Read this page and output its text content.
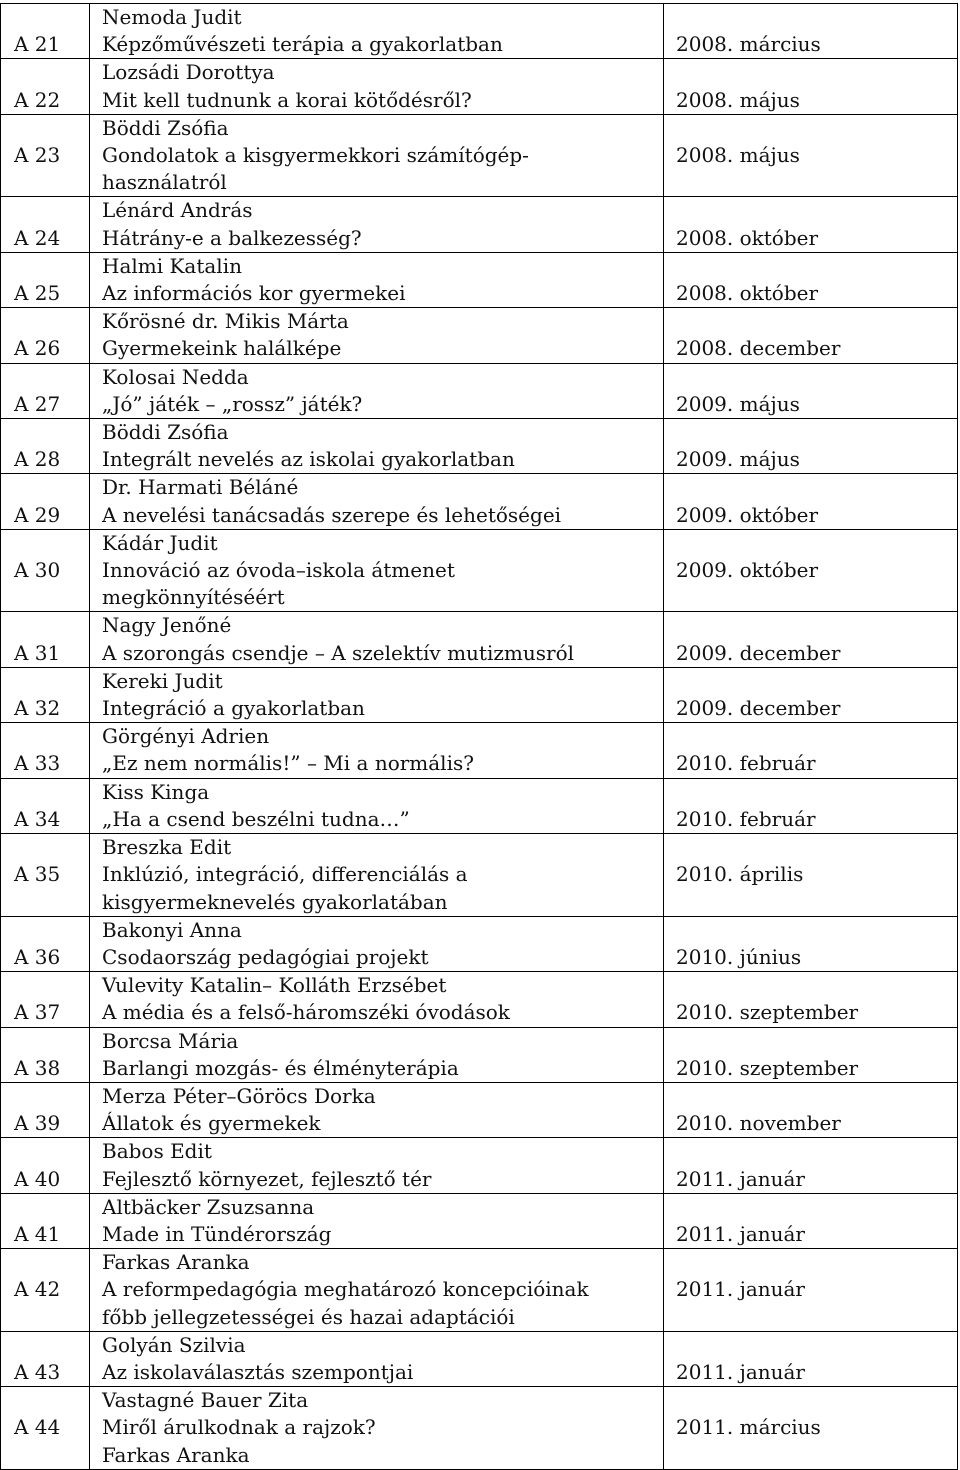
A 21	Nemoda Judit
Képzőművészeti terápia a gyakorlatban	2008. március

A 22	Lozsádi Dorottya
Mit kell tudnunk a korai kötődésről?	2008. május

A 23	Böddi Zsófia
Gondolatok a kisgyermekkori számítógép-
használatról	2008. május

A 24	Lénárd András
Hátrány-e a balkezesség?	2008. október

A 25	Halmi Katalin
Az információs kor gyermekei	2008. október

A 26	Kőrösné dr. Mikis Márta
Gyermekeink halálképe	2008. december

A 27	Kolosai Nedda
„Jó” játék – „rossz” játék?	2009. május

A 28	Böddi Zsófia
Integrált nevelés az iskolai gyakorlatban	2009. május

A 29	Dr. Harmati Béláné
A nevelési tanácsadás szerepe és lehetőségei	2009. október

A 30	Kádár Judit
Innováció az óvoda–iskola átmenet
megkönnyítéséért	2009. október

A 31	Nagy Jenőné
A szorongás csendje – A szelektív mutizmusról	2009. december

A 32	Kereki Judit
Integráció a gyakorlatban	2009. december

A 33	Görgényi Adrien
„Ez nem normális!” – Mi a normális?	2010. február

A 34	Kiss Kinga
„Ha a csend beszélni tudna…”	2010. február

A 35	Breszka Edit
Inklúzió, integráció, differenciálás a
kisgyermeknevelés gyakorlatában	2010. április

A 36	Bakonyi Anna
Csodaország pedagógiai projekt	2010. június

A 37	Vulevity Katalin– Kolláth Erzsébet
A média és a felső-háromszéki óvodások	2010. szeptember

A 38	Borcsa Mária
Barlangi mozgás- és élményterápia	2010. szeptember

A 39	Merza Péter–Göröcs Dorka
Állatok és gyermekek	2010. november

A 40	Babos Edit
Fejlesztő környezet, fejlesztő tér	2011. január

A 41	Altbäcker Zsuzsanna
Made in Tündérország	2011. január

A 42	Farkas Aranka
A reformpedagógia meghatározó koncepcióinak
főbb jellegzetességei és hazai adaptációi	2011. január

A 43	Golyán Szilvia
Az iskolaválasztás szempontjai	2011. január

A 44	Vastagné Bauer Zita
Miről árulkodnak a rajzok?
Farkas Aranka	2011. március
